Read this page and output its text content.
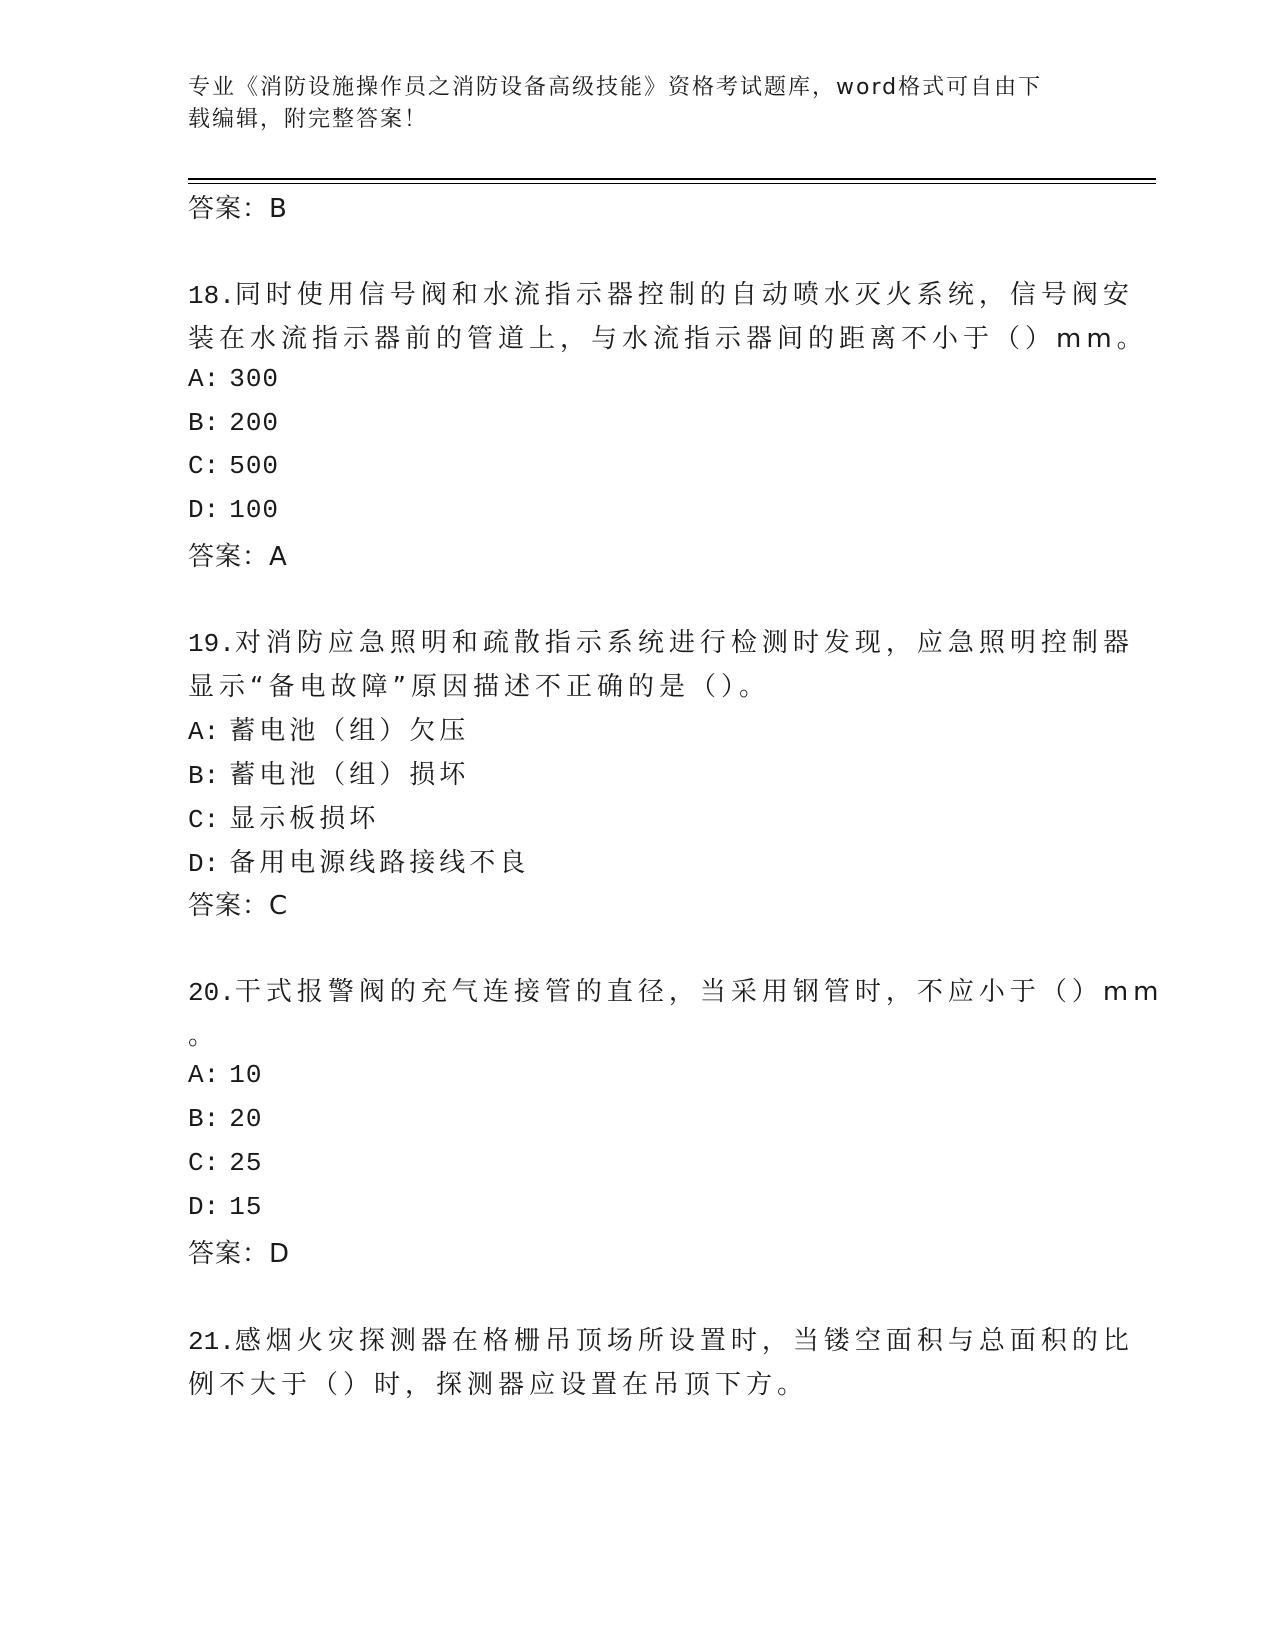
专业《消防设施操作员之消防设备高级技能》资格考试题库，word格式可自由下
载编辑，附完整答案！
答案：B
18.同时使用信号阀和水流指示器控制的自动喷水灭火系统，信号阀安
装在水流指示器前的管道上，与水流指示器间的距离不小于（）mm。
A: 300
B: 200
C: 500
D: 100
答案：A
19.对消防应急照明和疏散指示系统进行检测时发现，应急照明控制器
显示“备电故障”原因描述不正确的是（）。
A: 蓄电池（组）欠压
B: 蓄电池（组）损坏
C: 显示板损坏
D: 备用电源线路接线不良
答案：C
20.干式报警阀的充气连接管的直径，当采用钢管时，不应小于（）mm
。
A: 10
B: 20
C: 25
D: 15
答案：D
21.感烟火灾探测器在格栅吊顶场所设置时，当镂空面积与总面积的比
例不大于（）时，探测器应设置在吊顶下方。
